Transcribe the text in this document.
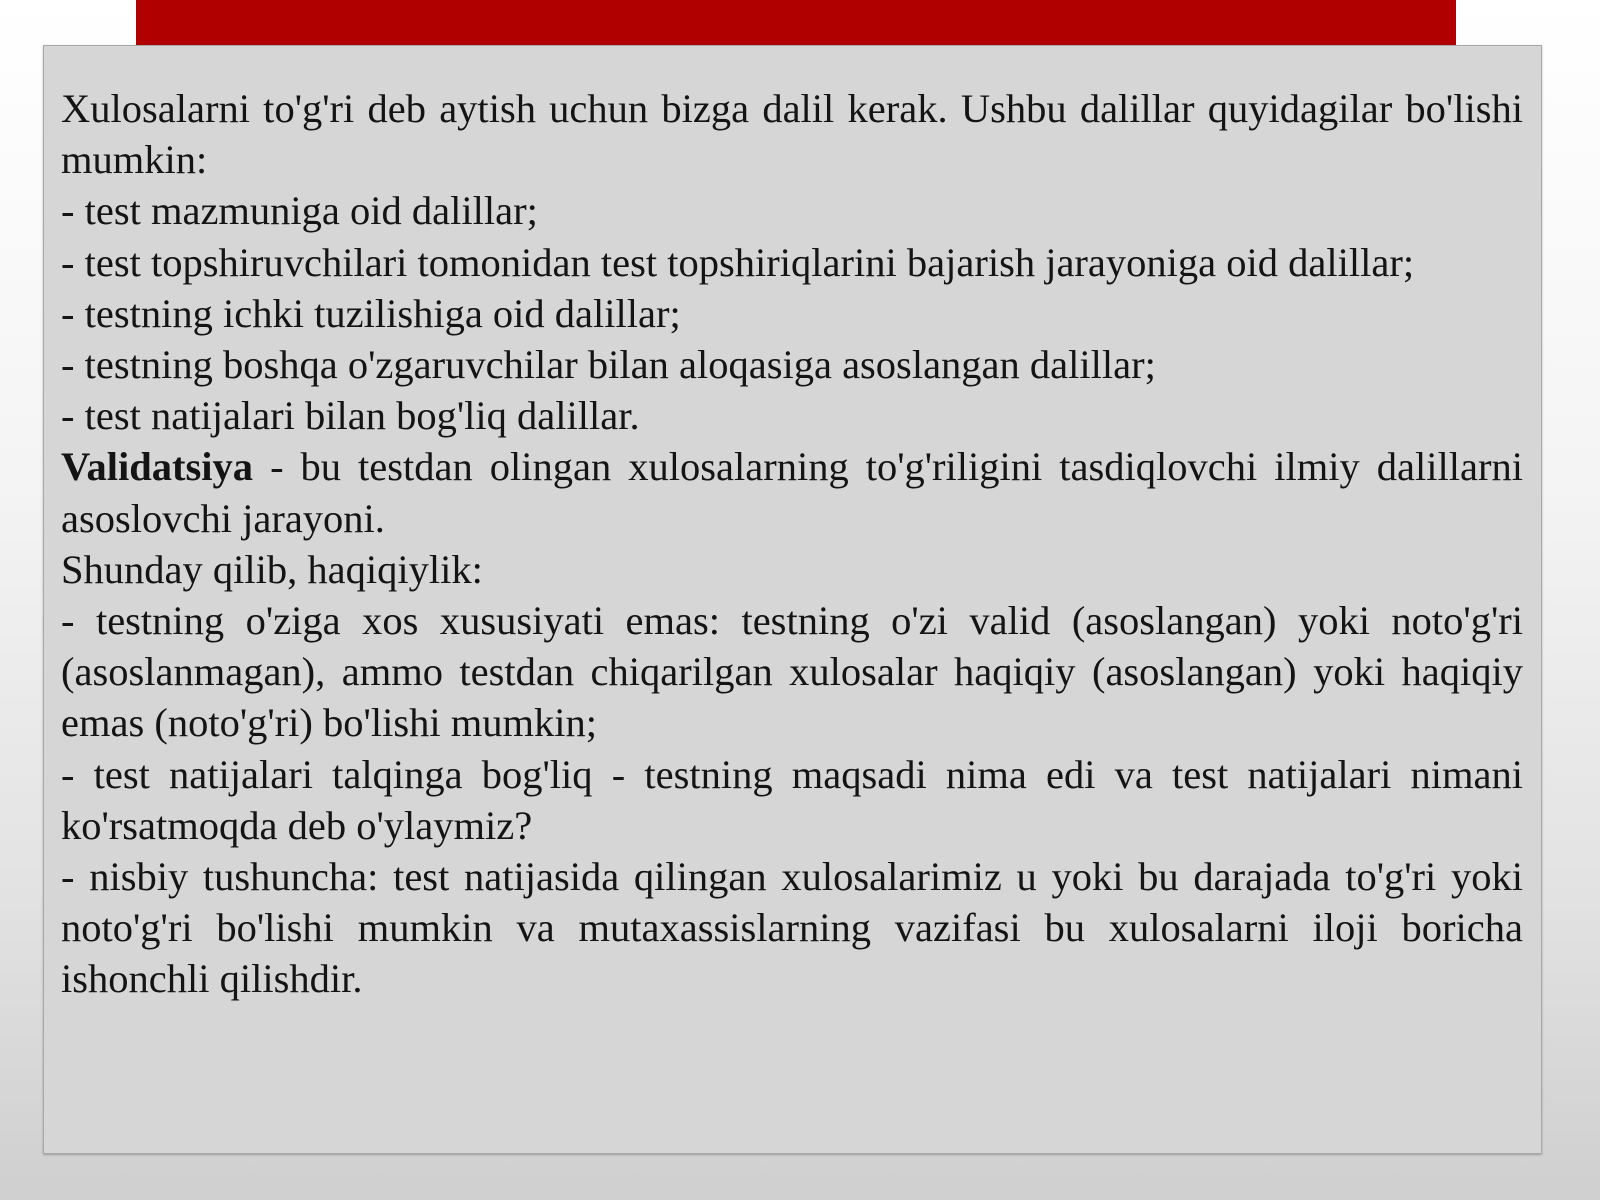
Xulosalarni to'g'ri deb aytish uchun bizga dalil kerak. Ushbu dalillar quyidagilar bo'lishi mumkin:

- test mazmuniga oid dalillar;

- test topshiruvchilari tomonidan test topshiriqlarini bajarish jarayoniga oid dalillar;

- testning ichki tuzilishiga oid dalillar;

- testning boshqa o'zgaruvchilar bilan aloqasiga asoslangan dalillar;

- test natijalari bilan bog'liq dalillar.

Validatsiya - bu testdan olingan xulosalarning to'g'riligini tasdiqlovchi ilmiy dalillarni asoslovchi jarayoni.

Shunday qilib, haqiqiylik:

- testning o'ziga xos xususiyati emas: testning o'zi valid (asoslangan) yoki noto'g'ri (asoslanmagan), ammo testdan chiqarilgan xulosalar haqiqiy (asoslangan) yoki haqiqiy emas (noto'g'ri) bo'lishi mumkin;

- test natijalari talqinga bog'liq - testning maqsadi nima edi va test natijalari nimani ko'rsatmoqda deb o'ylaymiz?

- nisbiy tushuncha: test natijasida qilingan xulosalarimiz u yoki bu darajada to'g'ri yoki noto'g'ri bo'lishi mumkin va mutaxassislarning vazifasi bu xulosalarni iloji boricha ishonchli qilishdir.
